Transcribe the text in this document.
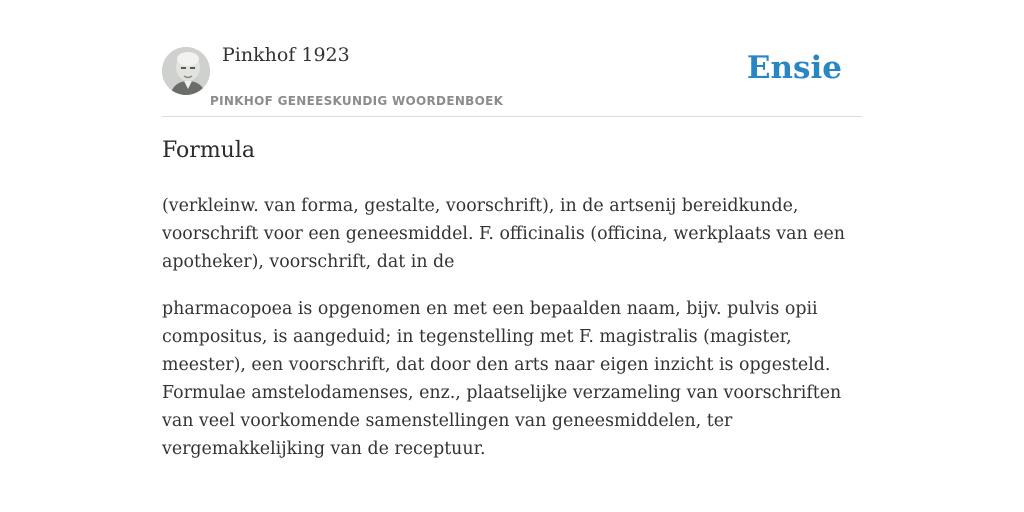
Pinkhof 1923
PINKHOF GENEESKUNDIG WOORDENBOEK
Ensie
Formula

(verkleinw. van forma, gestalte, voorschrift), in de artsenij bereidkunde, voorschrift voor een geneesmiddel. F. officinalis (officina, werkplaats van een apotheker), voorschrift, dat in de

pharmacopoea is opgenomen en met een bepaalden naam, bijv. pulvis opii compositus, is aangeduid; in tegenstelling met F. magistralis (magister, meester), een voorschrift, dat door den arts naar eigen inzicht is opgesteld. Formulae amstelodamenses, enz., plaatselijke verzameling van voorschriften van veel voorkomende samenstellingen van geneesmiddelen, ter vergemakkelijking van de receptuur.
